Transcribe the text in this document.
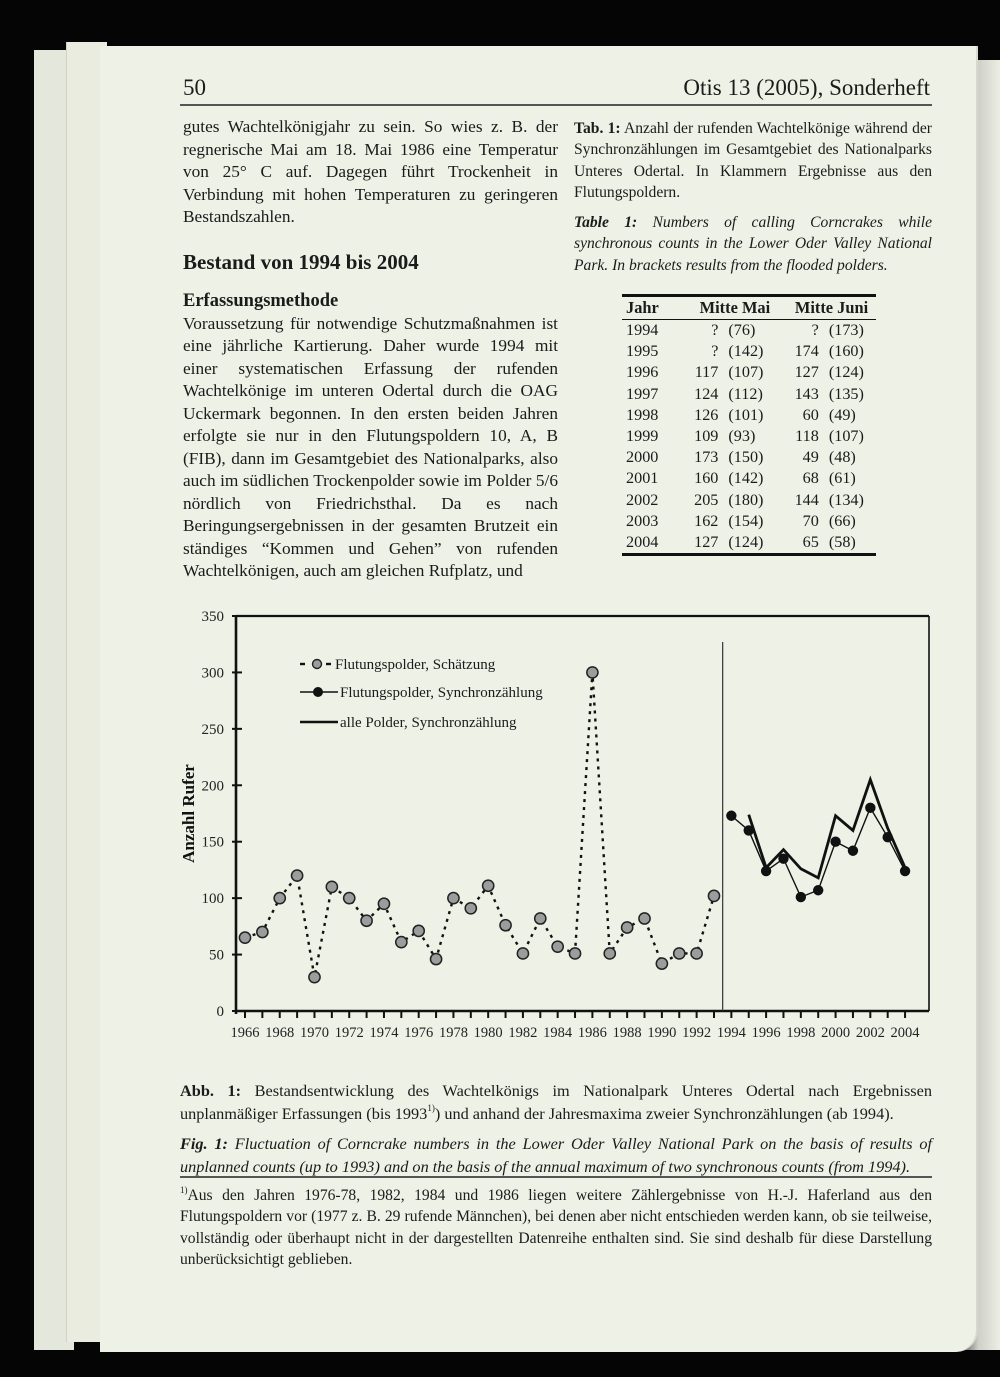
50	Otis 13 (2005), Sonderheft

gutes Wachtelkönigjahr zu sein. So wies z. B. der regnerische Mai am 18. Mai 1986 eine Temperatur von 25° C auf. Dagegen führt Trockenheit in Verbindung mit hohen Temperaturen zu geringeren Bestandszahlen.

Bestand von 1994 bis 2004
Erfassungsmethode

Voraussetzung für notwendige Schutzmaßnahmen ist eine jährliche Kartierung. Daher wurde 1994 mit einer systematischen Erfassung der rufenden Wachtelkönige im unteren Odertal durch die OAG Uckermark begonnen. In den ersten beiden Jahren erfolgte sie nur in den Flutungspoldern 10, A, B (FIB), dann im Gesamtgebiet des Nationalparks, also auch im südlichen Trockenpolder sowie im Polder 5/6 nördlich von Friedrichsthal. Da es nach Beringungsergebnissen in der gesamten Brutzeit ein ständiges “Kommen und Gehen” von rufenden Wachtelkönigen, auch am gleichen Rufplatz, und

Tab. 1: Anzahl der rufenden Wachtelkönige während der Synchronzählungen im Gesamtgebiet des Nationalparks Unteres Odertal. In Klammern Ergebnisse aus den Flutungspoldern.

Table 1: Numbers of calling Corncrakes while synchronous counts in the Lower Oder Valley National Park. In brackets results from the flooded polders.

Jahr	Mitte Mai	Mitte Juni
1994	? (76)	? (173)
1995	? (142)	174 (160)
1996	117 (107)	127 (124)
1997	124 (112)	143 (135)
1998	126 (101)	60 (49)
1999	109 (93)	118 (107)
2000	173 (150)	49 (48)
2001	160 (142)	68 (61)
2002	205 (180)	144 (134)
2003	162 (154)	70 (66)
2004	127 (124)	65 (58)
0
50
100
150
200
250
300
350
1966 1968 1970 1972 1974 1976 1978 1980 1982 1984 1986 1988 1990 1992 1994 1996 1998 2000 2002 2004
Anzahl Rufer
Flutungspolder, Schätzung
Flutungspolder, Synchronzählung
alle Polder, Synchronzählung

Abb. 1: Bestandsentwicklung des Wachtelkönigs im Nationalpark Unteres Odertal nach Ergebnissen unplanmäßiger Erfassungen (bis 1993$^{1)}$) und anhand der Jahresmaxima zweier Synchronzählungen (ab 1994).

Fig. 1: Fluctuation of Corncrake numbers in the Lower Oder Valley National Park on the basis of results of unplanned counts (up to 1993) and on the basis of the annual maximum of two synchronous counts (from 1994).

$^{1)}$Aus den Jahren 1976-78, 1982, 1984 und 1986 liegen weitere Zählergebnisse von H.-J. Haferland aus den Flutungspoldern vor (1977 z. B. 29 rufende Männchen), bei denen aber nicht entschieden werden kann, ob sie teilweise, vollständig oder überhaupt nicht in der dargestellten Datenreihe enthalten sind. Sie sind deshalb für diese Darstellung unberücksichtigt geblieben.
